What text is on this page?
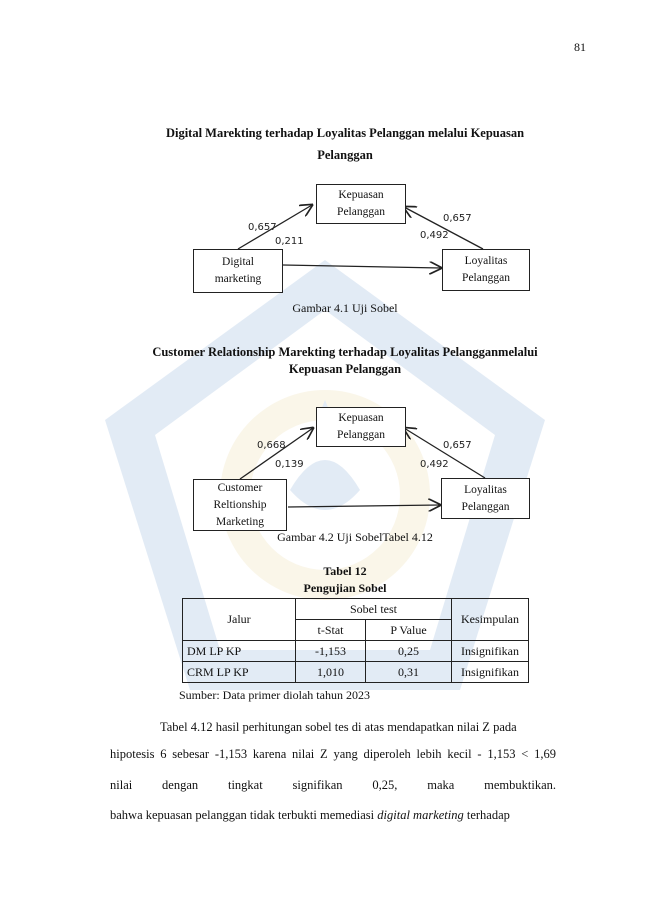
81
Digital Marekting terhadap Loyalitas Pelanggan melalui Kepuasan
Pelanggan
Kepuasan
Pelanggan
Digital
marketing
Loyalitas
Pelanggan
0,657
0,211
0,657
0,492
Gambar 4.1 Uji Sobel
Customer Relationship Marekting terhadap Loyalitas Pelangganmelalui
Kepuasan Pelanggan
Kepuasan
Pelanggan
Customer
Reltionship
Marketing
Loyalitas
Pelanggan
0,668
0,139
0,657
0,492
Gambar 4.2 Uji SobelTabel 4.12
Tabel 12
Pengujian Sobel
Jalur	Sobel test		Kesimpulan
	t-Stat	P Value	
DM LP KP	-1,153	0,25	Insignifikan
CRM LP KP	1,010	0,31	Insignifikan
Sumber: Data primer diolah tahun 2023
Tabel 4.12 hasil perhitungan sobel tes di atas mendapatkan nilai Z pada
hipotesis 6 sebesar -1,153 karena nilai Z yang diperoleh lebih kecil - 1,153 < 1,69
nilai dengan tingkat signifikan 0,25, maka membuktikan.
bahwa kepuasan pelanggan tidak terbukti memediasi digital marketing terhadap
